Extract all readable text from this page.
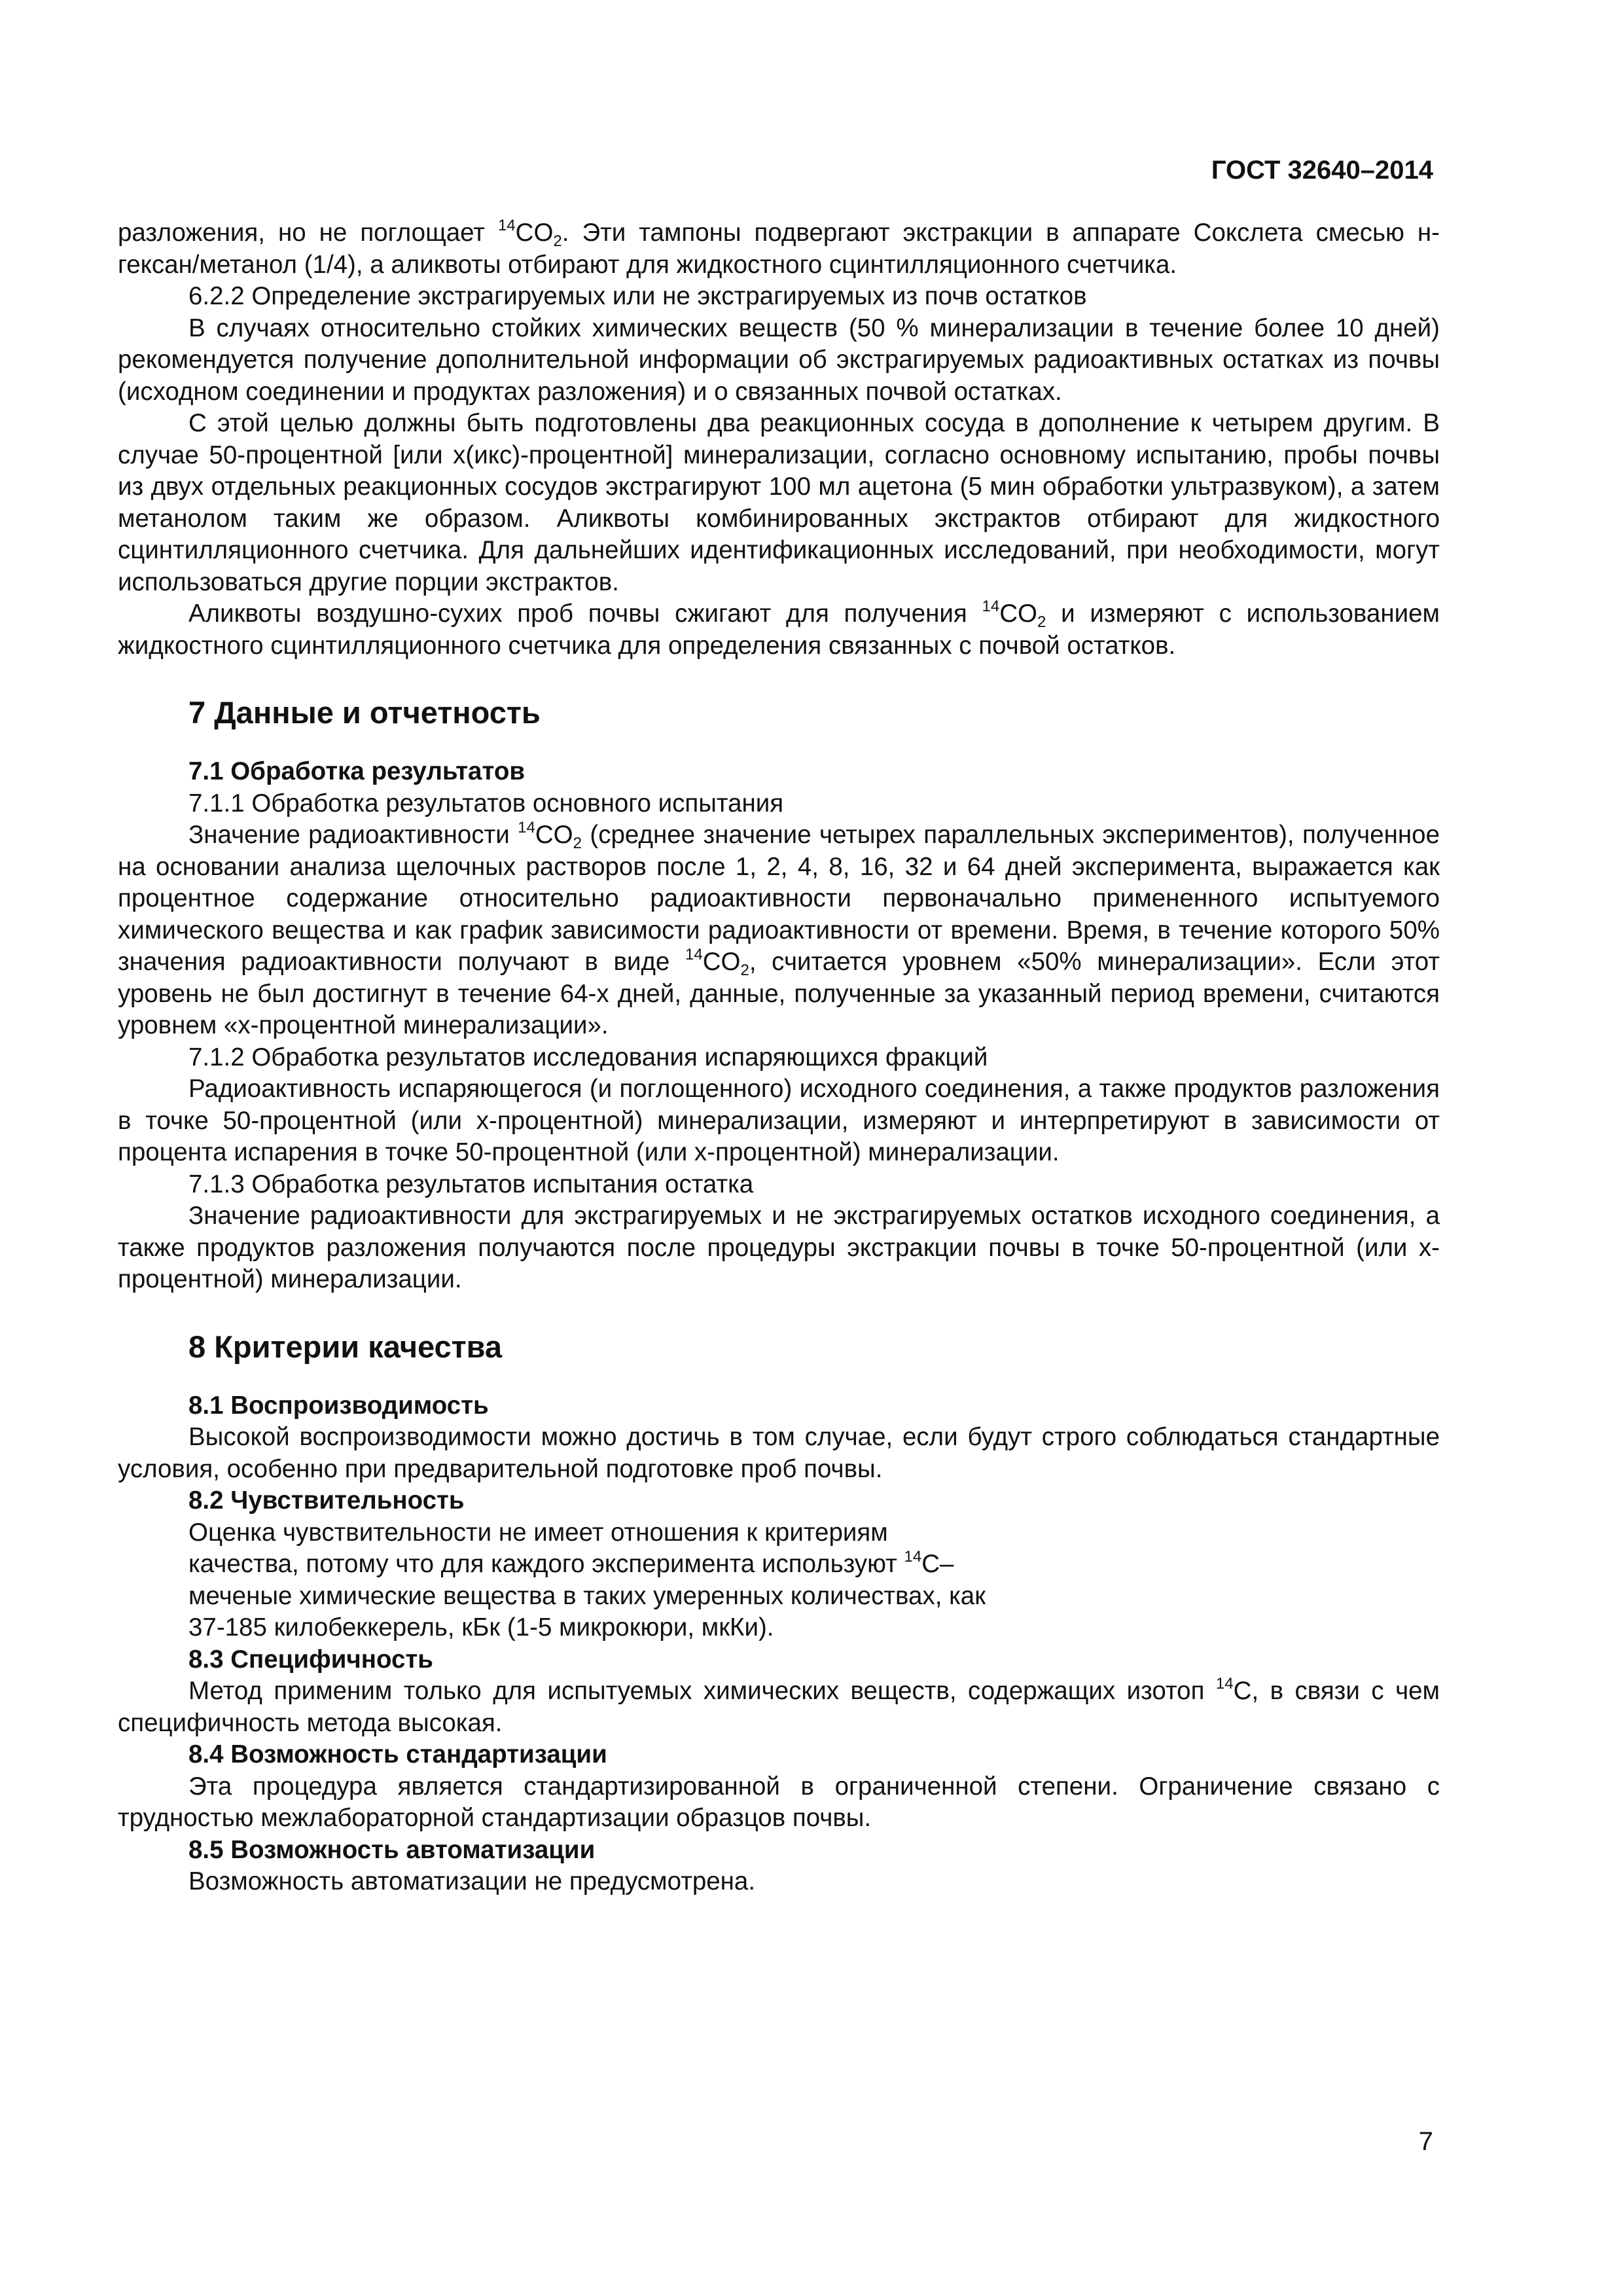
ГОСТ 32640–2014

разложения, но не поглощает $^{14}CO_2$. Эти тампоны подвергают экстракции в аппарате Сокслета смесью н-гексан/метанол (1/4), а аликвоты отбирают для жидкостного сцинтилляционного счетчика.

6.2.2 Определение экстрагируемых или не экстрагируемых из почв остатков

В случаях относительно стойких химических веществ (50 % минерализации в течение более 10 дней) рекомендуется получение дополнительной информации об экстрагируемых радиоактивных остатках из почвы (исходном соединении и продуктах разложения) и о связанных почвой остатках.

С этой целью должны быть подготовлены два реакционных сосуда в дополнение к четырем другим. В случае 50-процентной [или х(икс)-процентной] минерализации, согласно основному испытанию, пробы почвы из двух отдельных реакционных сосудов экстрагируют 100 мл ацетона (5 мин обработки ультразвуком), а затем метанолом таким же образом. Аликвоты комбинированных экстрактов отбирают для жидкостного сцинтилляционного счетчика. Для дальнейших идентификационных исследований, при необходимости, могут использоваться другие порции экстрактов.

Аликвоты воздушно-сухих проб почвы сжигают для получения $^{14}CO_2$ и измеряют с использованием жидкостного сцинтилляционного счетчика для определения связанных с почвой остатков.

7 Данные и отчетность

7.1 Обработка результатов

7.1.1 Обработка результатов основного испытания

Значение радиоактивности $^{14}CO_2$ (среднее значение четырех параллельных экспериментов), полученное на основании анализа щелочных растворов после 1, 2, 4, 8, 16, 32 и 64 дней эксперимента, выражается как процентное содержание относительно радиоактивности первоначально примененного испытуемого химического вещества и как график зависимости радиоактивности от времени. Время, в течение которого 50% значения радиоактивности получают в виде $^{14}CO_2$, считается уровнем «50% минерализации». Если этот уровень не был достигнут в течение 64-х дней, данные, полученные за указанный период времени, считаются уровнем «х-процентной минерализации».

7.1.2 Обработка результатов исследования испаряющихся фракций

Радиоактивность испаряющегося (и поглощенного) исходного соединения, а также продуктов разложения в точке 50-процентной (или х-процентной) минерализации, измеряют и интерпретируют в зависимости от процента испарения в точке 50-процентной (или х-процентной) минерализации.

7.1.3 Обработка результатов испытания остатка

Значение радиоактивности для экстрагируемых и не экстрагируемых остатков исходного соединения, а также продуктов разложения получаются после процедуры экстракции почвы в точке 50-процентной (или х-процентной) минерализации.

8 Критерии качества

8.1 Воспроизводимость

Высокой воспроизводимости можно достичь в том случае, если будут строго соблюдаться стандартные условия, особенно при предварительной подготовке проб почвы.

8.2 Чувствительность

Оценка чувствительности не имеет отношения к критериям

качества, потому что для каждого эксперимента используют $^{14}$C–

меченые химические вещества в таких умеренных количествах, как

37-185 килобеккерель, кБк (1-5 микрокюри, мкКи).

8.3 Специфичность

Метод применим только для испытуемых химических веществ, содержащих изотоп $^{14}$C, в связи с чем специфичность метода высокая.

8.4 Возможность стандартизации

Эта процедура является стандартизированной в ограниченной степени. Ограничение связано с трудностью межлабораторной стандартизации образцов почвы.

8.5 Возможность автоматизации

Возможность автоматизации не предусмотрена.

7
